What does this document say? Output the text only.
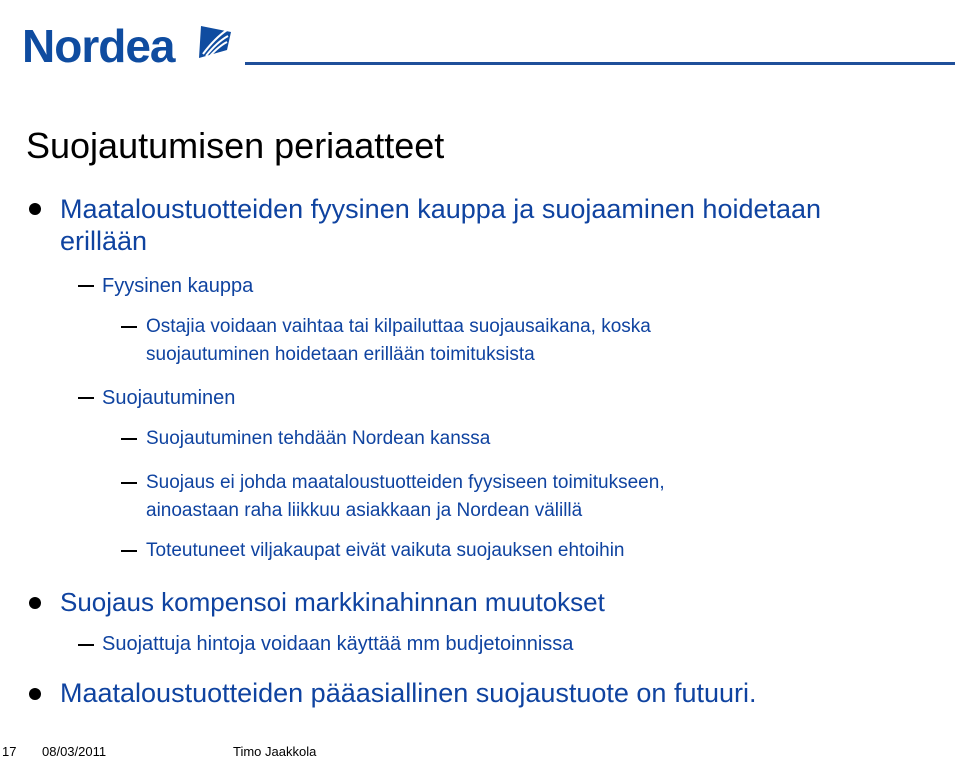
Nordea
Suojautumisen periaatteet

Maataloustuotteiden fyysinen kauppa ja suojaaminen hoidetaan

erillään

Fyysinen kauppa

Ostajia voidaan vaihtaa tai kilpailuttaa suojausaikana, koska

suojautuminen hoidetaan erillään toimituksista

Suojautuminen

Suojautuminen tehdään Nordean kanssa

Suojaus ei johda maataloustuotteiden fyysiseen toimitukseen,

ainoastaan raha liikkuu asiakkaan ja Nordean välillä

Toteutuneet viljakaupat eivät vaikuta suojauksen ehtoihin

Suojaus kompensoi markkinahinnan muutokset

Suojattuja hintoja voidaan käyttää mm budjetoinnissa

Maataloustuotteiden pääasiallinen suojaustuote on futuuri.

17 08/03/2011	Timo Jaakkola
